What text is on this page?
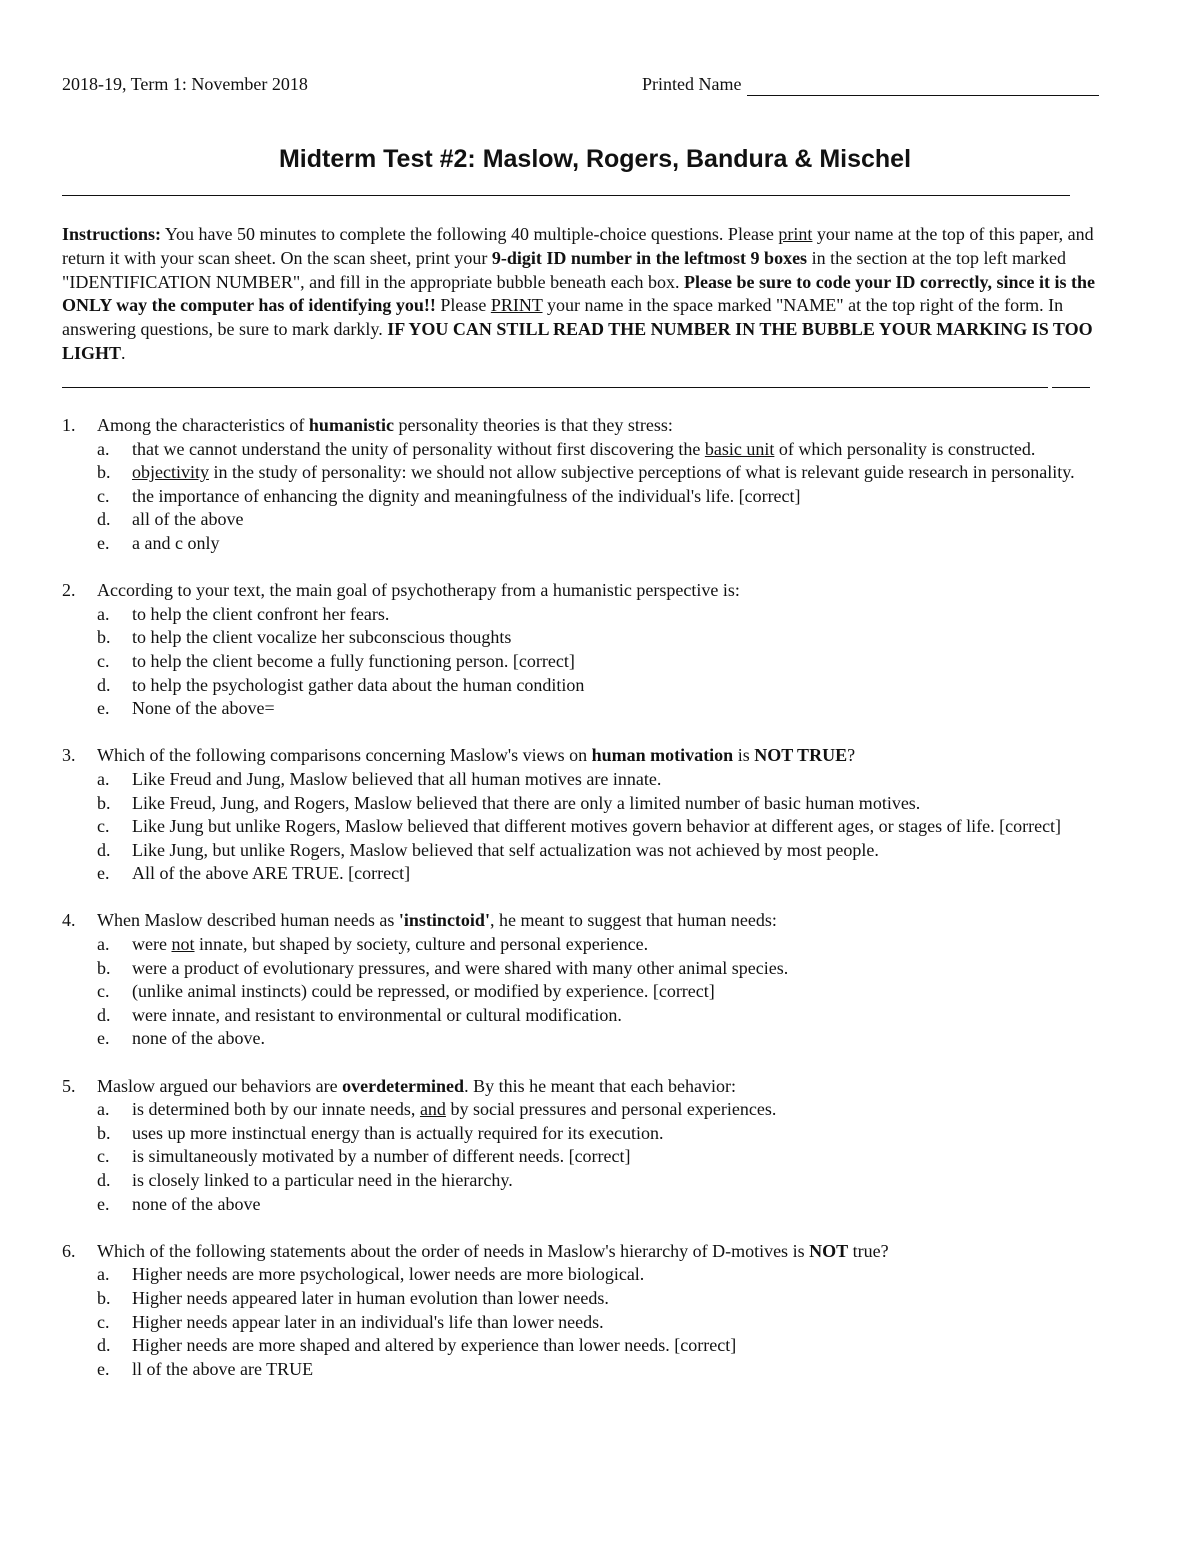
2018-19, Term 1: November 2018	Printed Name
Midterm Test #2: Maslow, Rogers, Bandura & Mischel
Instructions: You have 50 minutes to complete the following 40 multiple-choice questions. Please print your name at the top of this paper, and return it with your scan sheet. On the scan sheet, print your 9-digit ID number in the leftmost 9 boxes in the section at the top left marked "IDENTIFICATION NUMBER", and fill in the appropriate bubble beneath each box. Please be sure to code your ID correctly, since it is the ONLY way the computer has of identifying you!! Please PRINT your name in the space marked "NAME" at the top right of the form. In answering questions, be sure to mark darkly. IF YOU CAN STILL READ THE NUMBER IN THE BUBBLE YOUR MARKING IS TOO LIGHT.
1.	Among the characteristics of humanistic personality theories is that they stress:
a.	that we cannot understand the unity of personality without first discovering the basic unit of which personality is constructed.
b.	objectivity in the study of personality: we should not allow subjective perceptions of what is relevant guide research in personality.
c.	the importance of enhancing the dignity and meaningfulness of the individual's life. [correct]
d.	all of the above
e.	a and c only
2.	According to your text, the main goal of psychotherapy from a humanistic perspective is:
a.	to help the client confront her fears.
b.	to help the client vocalize her subconscious thoughts
c.	to help the client become a fully functioning person. [correct]
d.	to help the psychologist gather data about the human condition
e.	None of the above=
3.	Which of the following comparisons concerning Maslow's views on human motivation is NOT TRUE?
a.	Like Freud and Jung, Maslow believed that all human motives are innate.
b.	Like Freud, Jung, and Rogers, Maslow believed that there are only a limited number of basic human motives.
c.	Like Jung but unlike Rogers, Maslow believed that different motives govern behavior at different ages, or stages of life. [correct]
d.	Like Jung, but unlike Rogers, Maslow believed that self actualization was not achieved by most people.
e.	All of the above ARE TRUE. [correct]
4.	When Maslow described human needs as 'instinctoid', he meant to suggest that human needs:
a.	were not innate, but shaped by society, culture and personal experience.
b.	were a product of evolutionary pressures, and were shared with many other animal species.
c.	(unlike animal instincts) could be repressed, or modified by experience. [correct]
d.	were innate, and resistant to environmental or cultural modification.
e.	none of the above.
5.	Maslow argued our behaviors are overdetermined. By this he meant that each behavior:
a.	is determined both by our innate needs, and by social pressures and personal experiences.
b.	uses up more instinctual energy than is actually required for its execution.
c.	is simultaneously motivated by a number of different needs. [correct]
d.	is closely linked to a particular need in the hierarchy.
e.	none of the above
6.	Which of the following statements about the order of needs in Maslow's hierarchy of D-motives is NOT true?
a.	Higher needs are more psychological, lower needs are more biological.
b.	Higher needs appeared later in human evolution than lower needs.
c.	Higher needs appear later in an individual's life than lower needs.
d.	Higher needs are more shaped and altered by experience than lower needs. [correct]
e.	ll of the above are TRUE
